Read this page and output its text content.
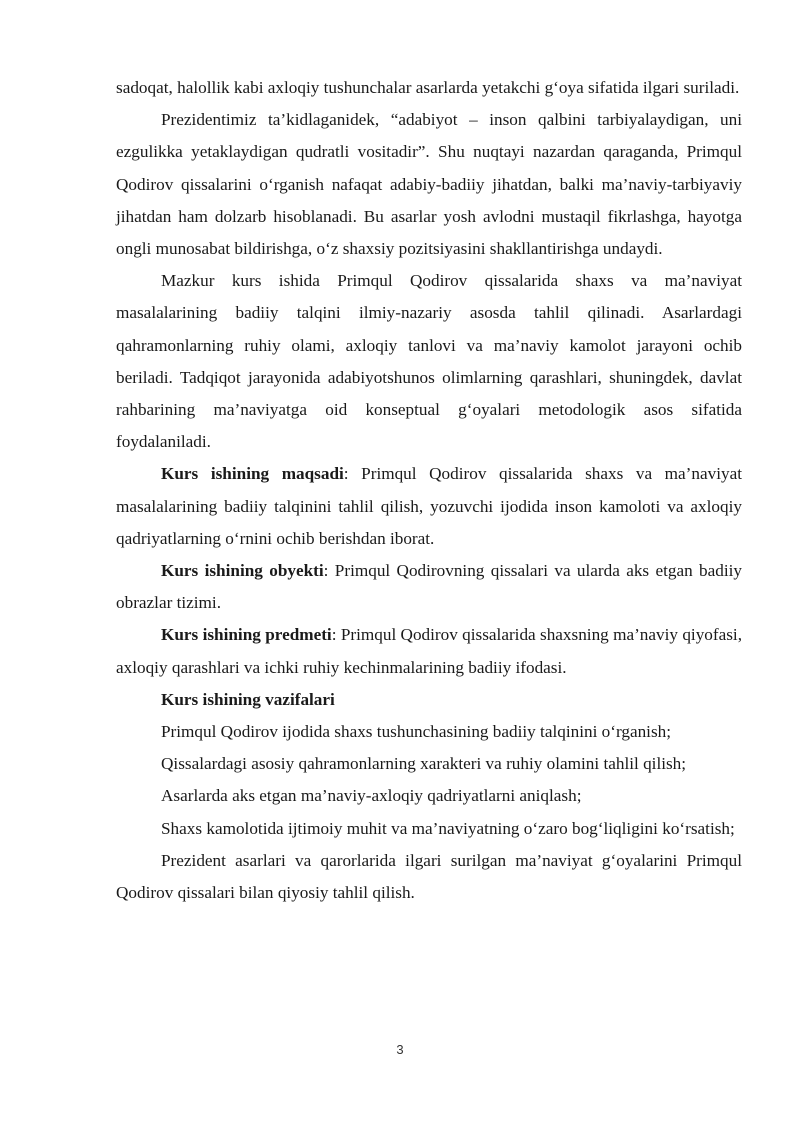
sadoqat, halollik kabi axloqiy tushunchalar asarlarda yetakchi g‘oya sifatida ilgari suriladi.

Prezidentimiz ta’kidlaganidek, “adabiyot – inson qalbini tarbiyalaydigan, uni ezgulikka yetaklaydigan qudratli vositadir”. Shu nuqtayi nazardan qaraganda, Primqul Qodirov qissalarini o‘rganish nafaqat adabiy-badiiy jihatdan, balki ma’naviy-tarbiyaviy jihatdan ham dolzarb hisoblanadi. Bu asarlar yosh avlodni mustaqil fikrlashga, hayotga ongli munosabat bildirishga, o‘z shaxsiy pozitsiyasini shakllantirishga undaydi.

Mazkur kurs ishida Primqul Qodirov qissalarida shaxs va ma’naviyat masalalarining badiiy talqini ilmiy-nazariy asosda tahlil qilinadi. Asarlardagi qahramonlarning ruhiy olami, axloqiy tanlovi va ma’naviy kamolot jarayoni ochib beriladi. Tadqiqot jarayonida adabiyotshunos olimlarning qarashlari, shuningdek, davlat rahbarining ma’naviyatga oid konseptual g‘oyalari metodologik asos sifatida foydalaniladi.

Kurs ishining maqsadi: Primqul Qodirov qissalarida shaxs va ma’naviyat masalalarining badiiy talqinini tahlil qilish, yozuvchi ijodida inson kamoloti va axloqiy qadriyatlarning o‘rnini ochib berishdan iborat.

Kurs ishining obyekti: Primqul Qodirovning qissalari va ularda aks etgan badiiy obrazlar tizimi.

Kurs ishining predmeti: Primqul Qodirov qissalarida shaxsning ma’naviy qiyofasi, axloqiy qarashlari va ichki ruhiy kechinmalarining badiiy ifodasi.

Kurs ishining vazifalari

Primqul Qodirov ijodida shaxs tushunchasining badiiy talqinini o‘rganish;

Qissalardagi asosiy qahramonlarning xarakteri va ruhiy olamini tahlil qilish;

Asarlarda aks etgan ma’naviy-axloqiy qadriyatlarni aniqlash;

Shaxs kamolotida ijtimoiy muhit va ma’naviyatning o‘zaro bog‘liqligini ko‘rsatish;

Prezident asarlari va qarorlarida ilgari surilgan ma’naviyat g‘oyalarini Primqul Qodirov qissalari bilan qiyosiy tahlil qilish.

3
